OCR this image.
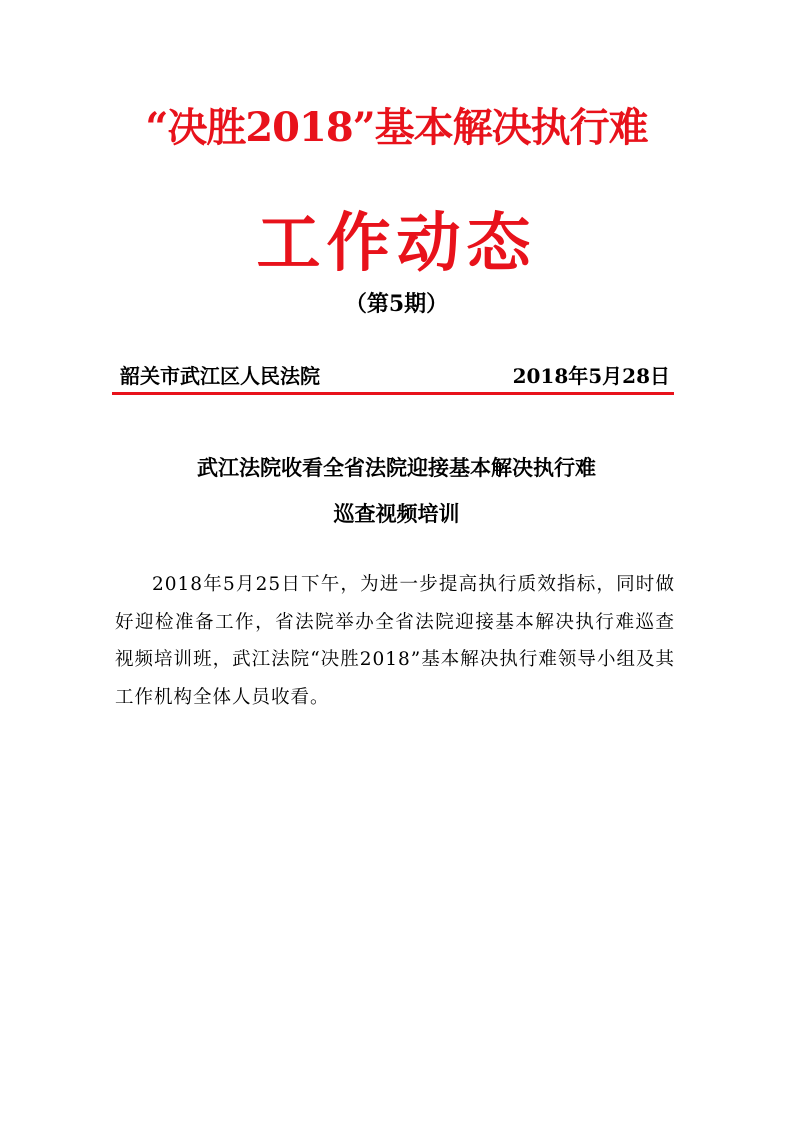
“决胜2018”基本解决执行难
工作动态
（第5期）
韶关市武江区人民法院	2018年5月28日
武江法院收看全省法院迎接基本解决执行难
巡查视频培训
2018年5月25日下午，为进一步提高执行质效指标，同时做好迎检准备工作，省法院举办全省法院迎接基本解决执行难巡查视频培训班，武江法院“决胜2018”基本解决执行难领导小组及其工作机构全体人员收看。
